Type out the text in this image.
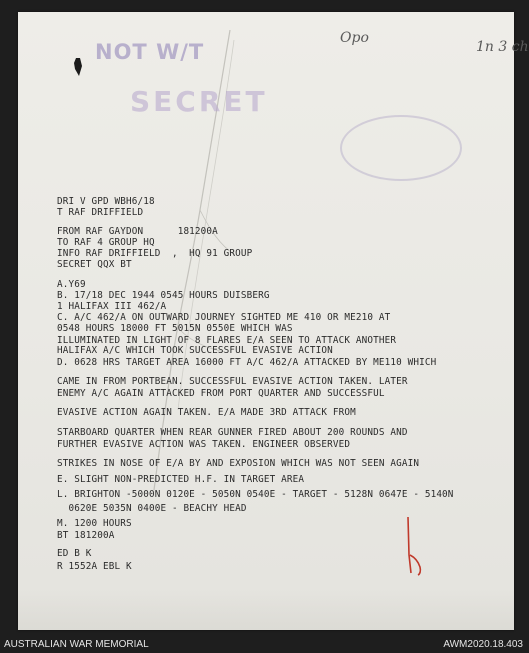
NOT W/T
SECRET
Opo
1n 3 ch
DRI V GPD WBH6/18
T RAF DRIFFIELD
FROM RAF GAYDON      181200A
TO RAF 4 GROUP HQ
INFO RAF DRIFFIELD  ,  HQ 91 GROUP
SECRET QQX BT
A.Y69
B. 17/18 DEC 1944 0545 HOURS DUISBERG
1 HALIFAX III 462/A
C. A/C 462/A ON OUTWARD JOURNEY SIGHTED ME 410 OR ME210 AT
0548 HOURS 18000 FT 5015N 0550E WHICH WAS
ILLUMINATED IN LIGHT OF 8 FLARES E/A SEEN TO ATTACK ANOTHER
HALIFAX A/C WHICH TOOK SUCCESSFUL EVASIVE ACTION
D. 0628 HRS TARGET AREA 16000 FT A/C 462/A ATTACKED BY ME110 WHICH
CAME IN FROM PORTBEAN. SUCCESSFUL EVASIVE ACTION TAKEN. LATER
ENEMY A/C AGAIN ATTACKED FROM PORT QUARTER AND SUCCESSFUL
EVASIVE ACTION AGAIN TAKEN. E/A MADE 3RD ATTACK FROM
STARBOARD QUARTER WHEN REAR GUNNER FIRED ABOUT 200 ROUNDS AND
FURTHER EVASIVE ACTION WAS TAKEN. ENGINEER OBSERVED
STRIKES IN NOSE OF E/A BY AND EXPOSION WHICH WAS NOT SEEN AGAIN
E. SLIGHT NON-PREDICTED H.F. IN TARGET AREA
L. BRIGHTON -5000N 0120E - 5050N 0540E - TARGET - 5128N 0647E - 5140N
0620E 5035N 0400E - BEACHY HEAD
M. 1200 HOURS
BT 181200A
ED B K
R 1552A EBL K
AUSTRALIAN WAR MEMORIAL	AWM2020.18.403
